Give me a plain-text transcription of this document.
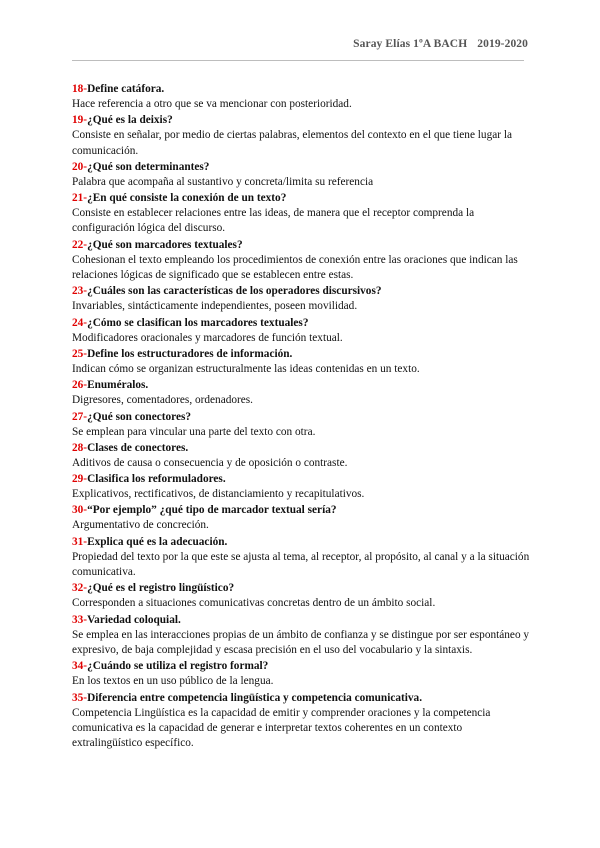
Saray Elías 1ºA BACH 2019-2020
18-Define catáfora.
Hace referencia a otro que se va mencionar con posterioridad.
19-¿Qué es la deixis?
Consiste en señalar, por medio de ciertas palabras, elementos del contexto en el que tiene lugar la comunicación.
20-¿Qué son determinantes?
Palabra que acompaña al sustantivo y concreta/limita su referencia
21-¿En qué consiste la conexión de un texto?
Consiste en establecer relaciones entre las ideas, de manera que el receptor comprenda la configuración lógica del discurso.
22-¿Qué son marcadores textuales?
Cohesionan el texto empleando los procedimientos de conexión entre las oraciones que indican las relaciones lógicas de significado que se establecen entre estas.
23-¿Cuáles son las características de los operadores discursivos?
Invariables, sintácticamente independientes, poseen movilidad.
24-¿Cómo se clasifican los marcadores textuales?
Modificadores oracionales y marcadores de función textual.
25-Define los estructuradores de información.
Indican cómo se organizan estructuralmente las ideas contenidas en un texto.
26-Enuméralos.
Digresores, comentadores, ordenadores.
27-¿Qué son conectores?
Se emplean para vincular una parte del texto con otra.
28-Clases de conectores.
Aditivos de causa o consecuencia y de oposición o contraste.
29-Clasifica los reformuladores.
Explicativos, rectificativos, de distanciamiento y recapitulativos.
30-“Por ejemplo” ¿qué tipo de marcador textual sería?
Argumentativo de concreción.
31-Explica qué es la adecuación.
Propiedad del texto por la que este se ajusta al tema, al receptor, al propósito, al canal y a la situación comunicativa.
32-¿Qué es el registro lingüístico?
Corresponden a situaciones comunicativas concretas dentro de un ámbito social.
33-Variedad coloquial.
Se emplea en las interacciones propias de un ámbito de confianza y se distingue por ser espontáneo y expresivo, de baja complejidad y escasa precisión en el uso del vocabulario y la sintaxis.
34-¿Cuándo se utiliza el registro formal?
En los textos en un uso público de la lengua.
35-Diferencia entre competencia lingüística y competencia comunicativa.
Competencia Lingüística es la capacidad de emitir y comprender oraciones y la competencia comunicativa es la capacidad de generar e interpretar textos coherentes en un contexto extralingüístico específico.
